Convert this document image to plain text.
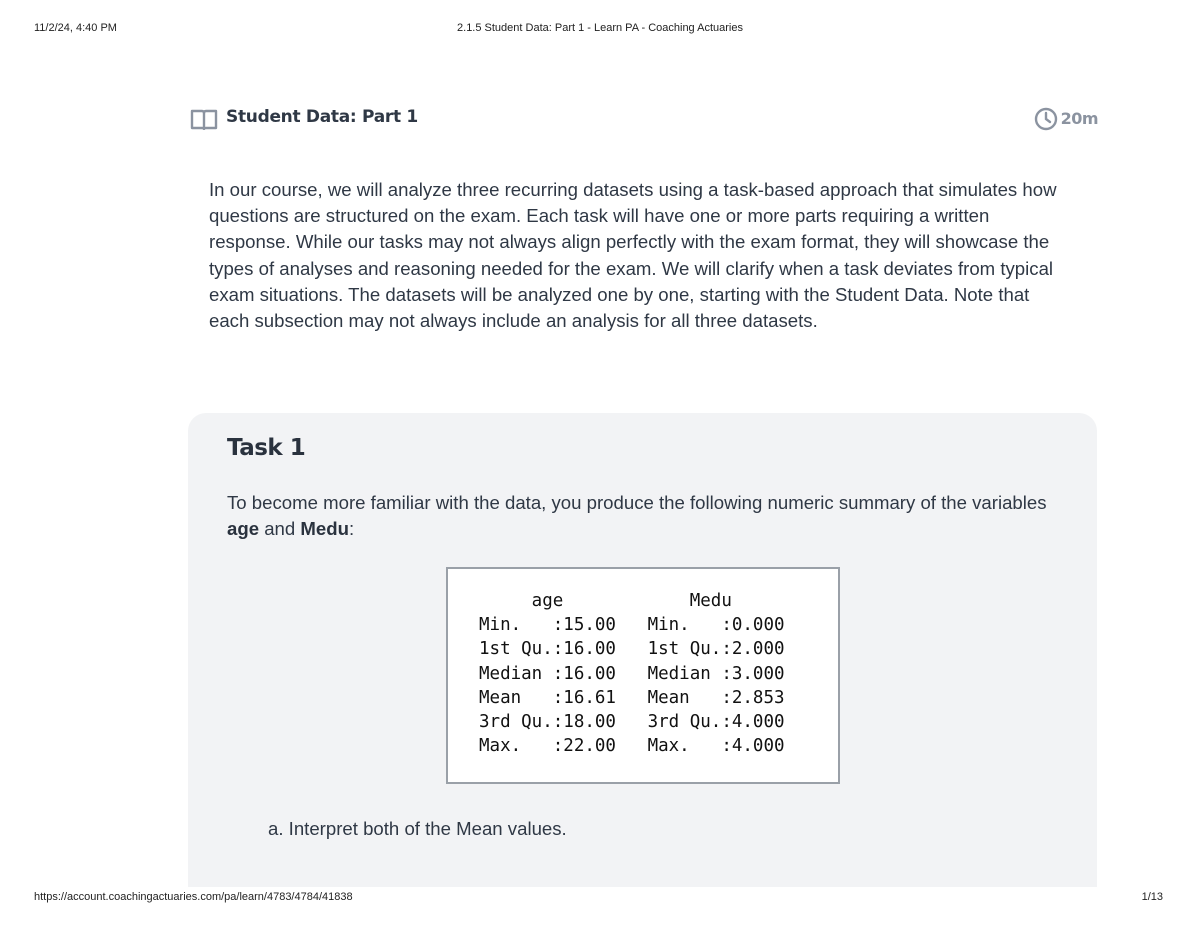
11/2/24, 4:40 PM	2.1.5 Student Data: Part 1 - Learn PA - Coaching Actuaries
Student Data: Part 1	20m

In our course, we will analyze three recurring datasets using a task-based approach that simulates how questions are structured on the exam. Each task will have one or more parts requiring a written response. While our tasks may not always align perfectly with the exam format, they will showcase the types of analyses and reasoning needed for the exam. We will clarify when a task deviates from typical exam situations. The datasets will be analyzed one by one, starting with the Student Data. Note that each subsection may not always include an analysis for all three datasets.

Task 1

To become more familiar with the data, you produce the following numeric summary of the variables age and Medu:

age            Medu
Min.   :15.00   Min.   :0.000
1st Qu.:16.00   1st Qu.:2.000
Median :16.00   Median :3.000
Mean   :16.61   Mean   :2.853
3rd Qu.:18.00   3rd Qu.:4.000
Max.   :22.00   Max.   :4.000

a. Interpret both of the Mean values.

https://account.coachingactuaries.com/pa/learn/4783/4784/41838	1/13
